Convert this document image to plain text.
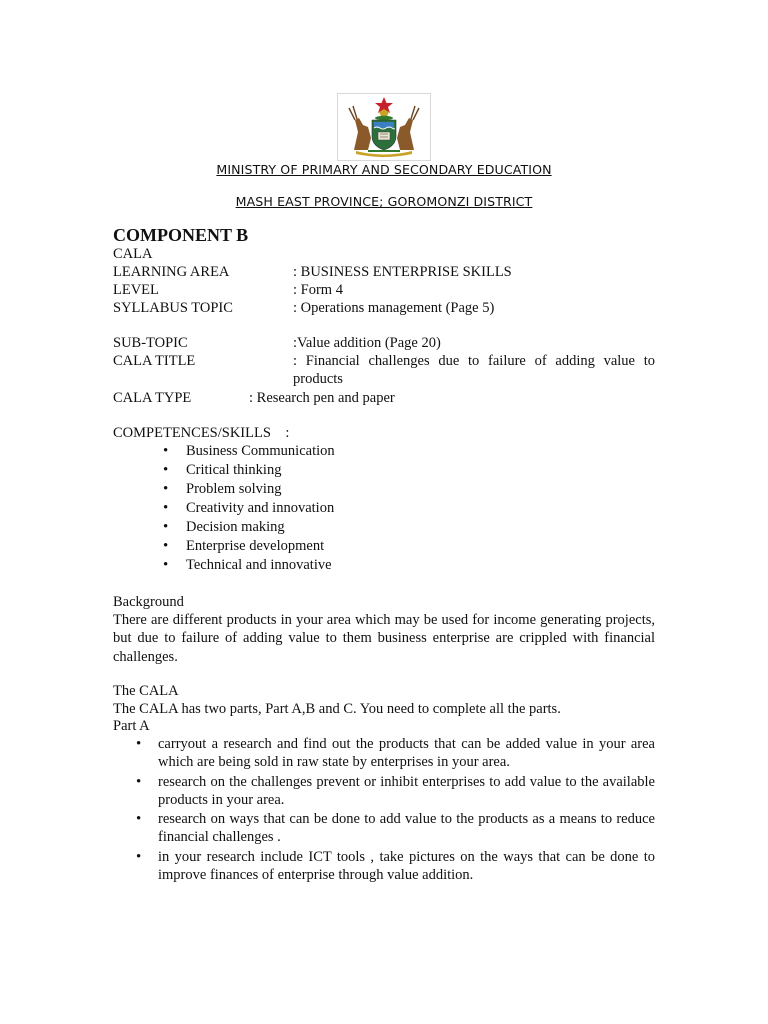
MINISTRY OF PRIMARY AND SECONDARY EDUCATION
MASH EAST PROVINCE; GOROMONZI DISTRICT
COMPONENT B
CALA
LEARNING AREA	: BUSINESS ENTERPRISE SKILLS
LEVEL	: Form 4
SYLLABUS TOPIC	: Operations management (Page 5)
SUB-TOPIC	:Value addition (Page 20)
CALA TITLE	: Financial challenges due to failure of adding value to products
CALA TYPE	: Research pen and paper
COMPETENCES/SKILLS    :
• Business Communication
• Critical thinking
• Problem solving
• Creativity and innovation
• Decision making
• Enterprise development
• Technical and innovative
Background
There are different products in your area which may be used for income generating projects, but due to failure of adding value to them business enterprise are crippled with financial challenges.
The CALA
The CALA has two parts, Part A,B and C. You need to complete all the parts.
Part A
• carryout a research and find out the products that can be added value in your area which are being sold in raw state by enterprises in your area.
• research on the challenges prevent or inhibit enterprises to add value to the available products in your area.
• research on ways that can be done to add value to the products as a means to reduce financial challenges .
• in your research include ICT tools , take pictures on the ways that can be done to improve finances of enterprise through value addition.
